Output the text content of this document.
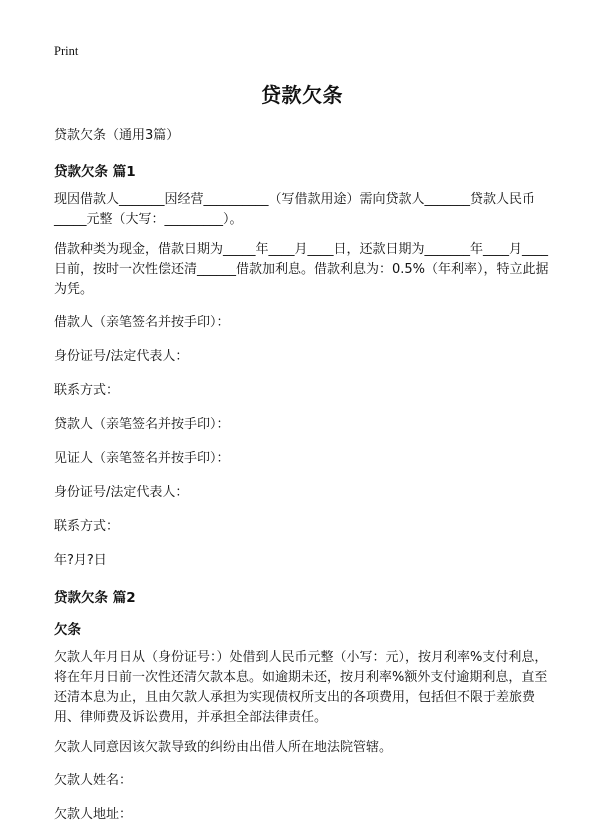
Print
贷款欠条
贷款欠条（通用3篇）
贷款欠条 篇1
现因借款人_______因经营__________（写借款用途）需向贷款人_______贷款人民币_____元整（大写：_________）。
借款种类为现金，借款日期为_____年____月____日，还款日期为_______年____月____日前，按时一次性偿还清______借款加利息。借款利息为：0.5%（年利率），特立此据为凭。
借款人（亲笔签名并按手印）：
身份证号/法定代表人：
联系方式：
贷款人（亲笔签名并按手印）：
见证人（亲笔签名并按手印）：
身份证号/法定代表人：
联系方式：
年?月?日
贷款欠条 篇2
欠条
欠款人年月日从（身份证号：）处借到人民币元整（小写：元），按月利率%支付利息，将在年月日前一次性还清欠款本息。如逾期未还，按月利率%额外支付逾期利息，直至还清本息为止，且由欠款人承担为实现债权所支出的各项费用，包括但不限于差旅费用、律师费及诉讼费用，并承担全部法律责任。
欠款人同意因该欠款导致的纠纷由出借人所在地法院管辖。
欠款人姓名：
欠款人地址：
